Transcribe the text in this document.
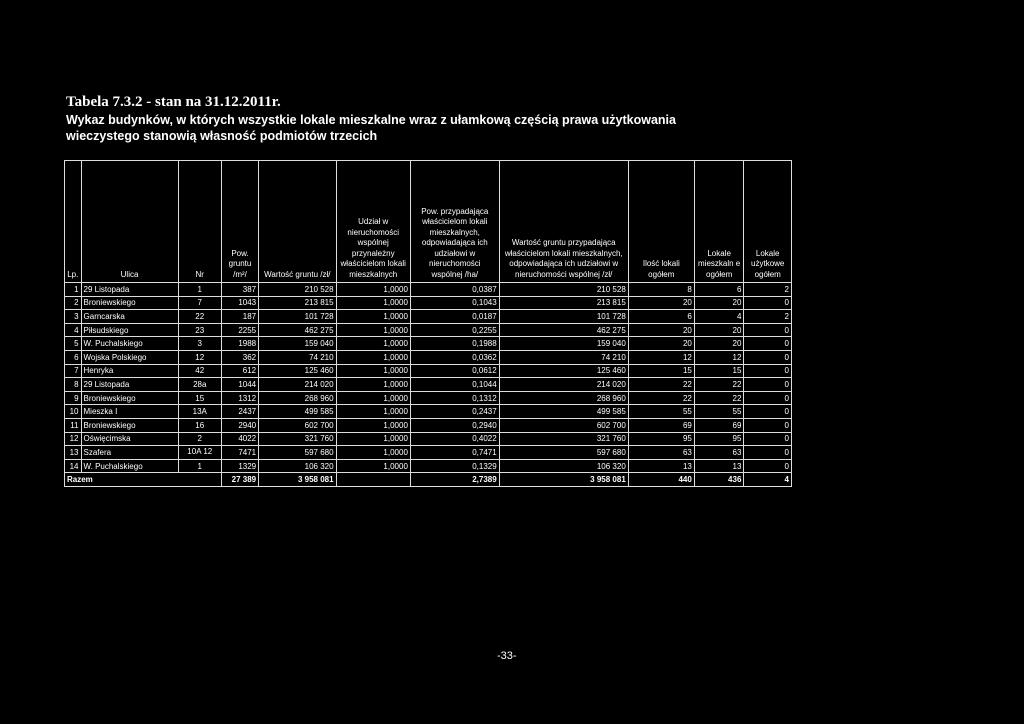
Tabela 7.3.2 - stan na 31.12.2011r.
Wykaz budynków, w których wszystkie lokale mieszkalne wraz z ułamkową częścią prawa użytkowania wieczystego stanowią własność podmiotów trzecich
Lp.	Ulica	Nr	Pow. gruntu /m²/	Wartość gruntu /zł/	Udział w nieruchomości wspólnej przynależny właścicielom lokali mieszkalnych	Pow. przypadająca właścicielom lokali mieszkalnych, odpowiadająca ich udziałowi w nieruchomości wspólnej /ha/	Wartość gruntu przypadająca właścicielom lokali mieszkalnych, odpowiadająca ich udziałowi w nieruchomości wspólnej /zł/	Ilość lokali ogółem	Lokale mieszkaln e ogółem	Lokale użytkowe ogółem
1	29 Listopada	1	387	210 528	1,0000	0,0387	210 528	8	6	2
2	Broniewskiego	7	1043	213 815	1,0000	0,1043	213 815	20	20	0
3	Garncarska	22	187	101 728	1,0000	0,0187	101 728	6	4	2
4	Piłsudskiego	23	2255	462 275	1,0000	0,2255	462 275	20	20	0
5	W. Puchalskiego	3	1988	159 040	1,0000	0,1988	159 040	20	20	0
6	Wojska Polskiego	12	362	74 210	1,0000	0,0362	74 210	12	12	0
7	Henryka	42	612	125 460	1,0000	0,0612	125 460	15	15	0
8	29 Listopada	28a	1044	214 020	1,0000	0,1044	214 020	22	22	0
9	Broniewskiego	15	1312	268 960	1,0000	0,1312	268 960	22	22	0
10	Mieszka I	13A	2437	499 585	1,0000	0,2437	499 585	55	55	0
11	Broniewskiego	16	2940	602 700	1,0000	0,2940	602 700	69	69	0
12	Oświęcimska	2	4022	321 760	1,0000	0,4022	321 760	95	95	0
13	Szafera	10A 12	7471	597 680	1,0000	0,7471	597 680	63	63	0
14	W. Puchalskiego	1	1329	106 320	1,0000	0,1329	106 320	13	13	0
Razem			27 389	3 958 081		2,7389	3 958 081	440	436	4
-33-
